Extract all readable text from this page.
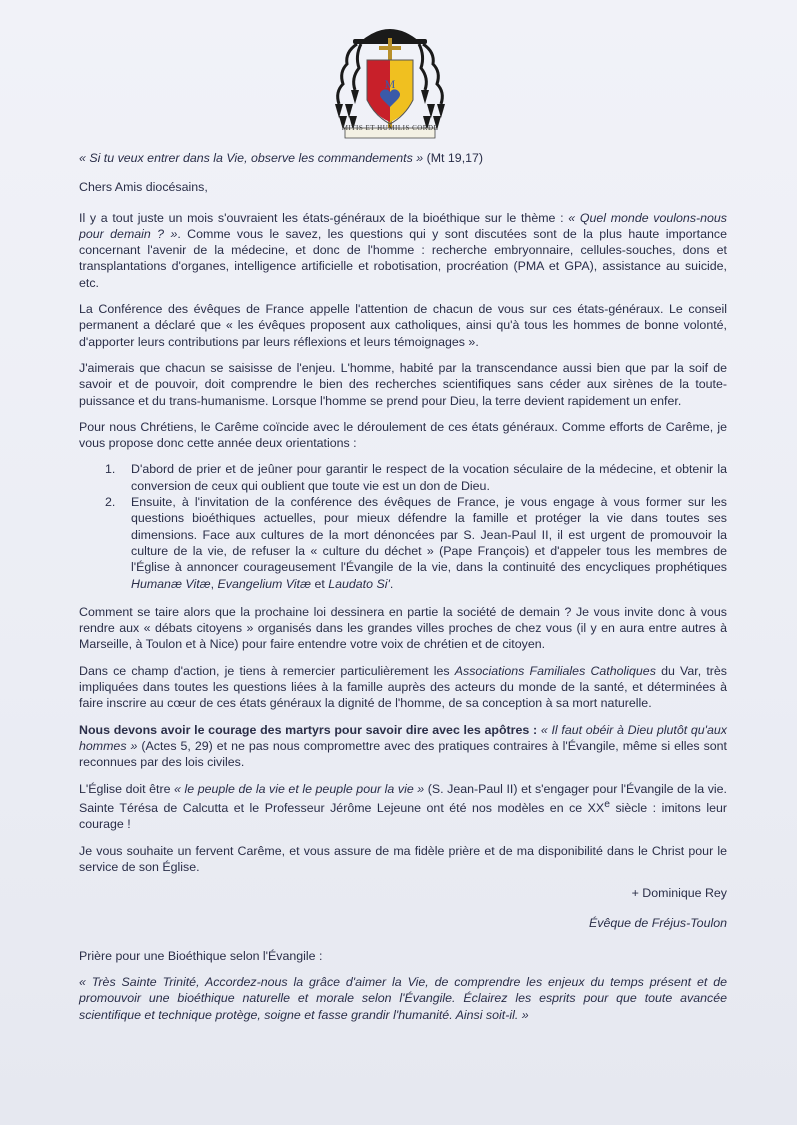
M
MITIS ET HUMILIS CORDE

« Si tu veux entrer dans la Vie, observe les commandements » (Mt 19,17)

Chers Amis diocésains,

Il y a tout juste un mois s'ouvraient les états-généraux de la bioéthique sur le thème : « Quel monde voulons-nous pour demain ? ». Comme vous le savez, les questions qui y sont discutées sont de la plus haute importance concernant l'avenir de la médecine, et donc de l'homme : recherche embryonnaire, cellules-souches, dons et transplantations d'organes, intelligence artificielle et robotisation, procréation (PMA et GPA), assistance au suicide, etc.

La Conférence des évêques de France appelle l'attention de chacun de vous sur ces états-généraux. Le conseil permanent a déclaré que « les évêques proposent aux catholiques, ainsi qu'à tous les hommes de bonne volonté, d'apporter leurs contributions par leurs réflexions et leurs témoignages ».

J'aimerais que chacun se saisisse de l'enjeu. L'homme, habité par la transcendance aussi bien que par la soif de savoir et de pouvoir, doit comprendre le bien des recherches scientifiques sans céder aux sirènes de la toute-puissance et du trans-humanisme. Lorsque l'homme se prend pour Dieu, la terre devient rapidement un enfer.

Pour nous Chrétiens, le Carême coïncide avec le déroulement de ces états généraux. Comme efforts de Carême, je vous propose donc cette année deux orientations :

1. D'abord de prier et de jeûner pour garantir le respect de la vocation séculaire de la médecine, et obtenir la conversion de ceux qui oublient que toute vie est un don de Dieu.
2. Ensuite, à l'invitation de la conférence des évêques de France, je vous engage à vous former sur les questions bioéthiques actuelles, pour mieux défendre la famille et protéger la vie dans toutes ses dimensions. Face aux cultures de la mort dénoncées par S. Jean-Paul II, il est urgent de promouvoir la culture de la vie, de refuser la « culture du déchet » (Pape François) et d'appeler tous les membres de l'Église à annoncer courageusement l'Évangile de la vie, dans la continuité des encycliques prophétiques Humanæ Vitæ, Evangelium Vitæ et Laudato Si'.

Comment se taire alors que la prochaine loi dessinera en partie la société de demain ? Je vous invite donc à vous rendre aux « débats citoyens » organisés dans les grandes villes proches de chez vous (il y en aura entre autres à Marseille, à Toulon et à Nice) pour faire entendre votre voix de chrétien et de citoyen.

Dans ce champ d'action, je tiens à remercier particulièrement les Associations Familiales Catholiques du Var, très impliquées dans toutes les questions liées à la famille auprès des acteurs du monde de la santé, et déterminées à faire inscrire au cœur de ces états généraux la dignité de l'homme, de sa conception à sa mort naturelle.

Nous devons avoir le courage des martyrs pour savoir dire avec les apôtres : « Il faut obéir à Dieu plutôt qu'aux hommes » (Actes 5, 29) et ne pas nous compromettre avec des pratiques contraires à l'Évangile, même si elles sont reconnues par des lois civiles.

L'Église doit être « le peuple de la vie et le peuple pour la vie » (S. Jean-Paul II) et s'engager pour l'Évangile de la vie. Sainte Térésa de Calcutta et le Professeur Jérôme Lejeune ont été nos modèles en ce XXe siècle : imitons leur courage !

Je vous souhaite un fervent Carême, et vous assure de ma fidèle prière et de ma disponibilité dans le Christ pour le service de son Église.

+ Dominique Rey

Évêque de Fréjus-Toulon

Prière pour une Bioéthique selon l'Évangile :

« Très Sainte Trinité, Accordez-nous la grâce d'aimer la Vie, de comprendre les enjeux du temps présent et de promouvoir une bioéthique naturelle et morale selon l'Évangile. Éclairez les esprits pour que toute avancée scientifique et technique protège, soigne et fasse grandir l'humanité. Ainsi soit-il. »
